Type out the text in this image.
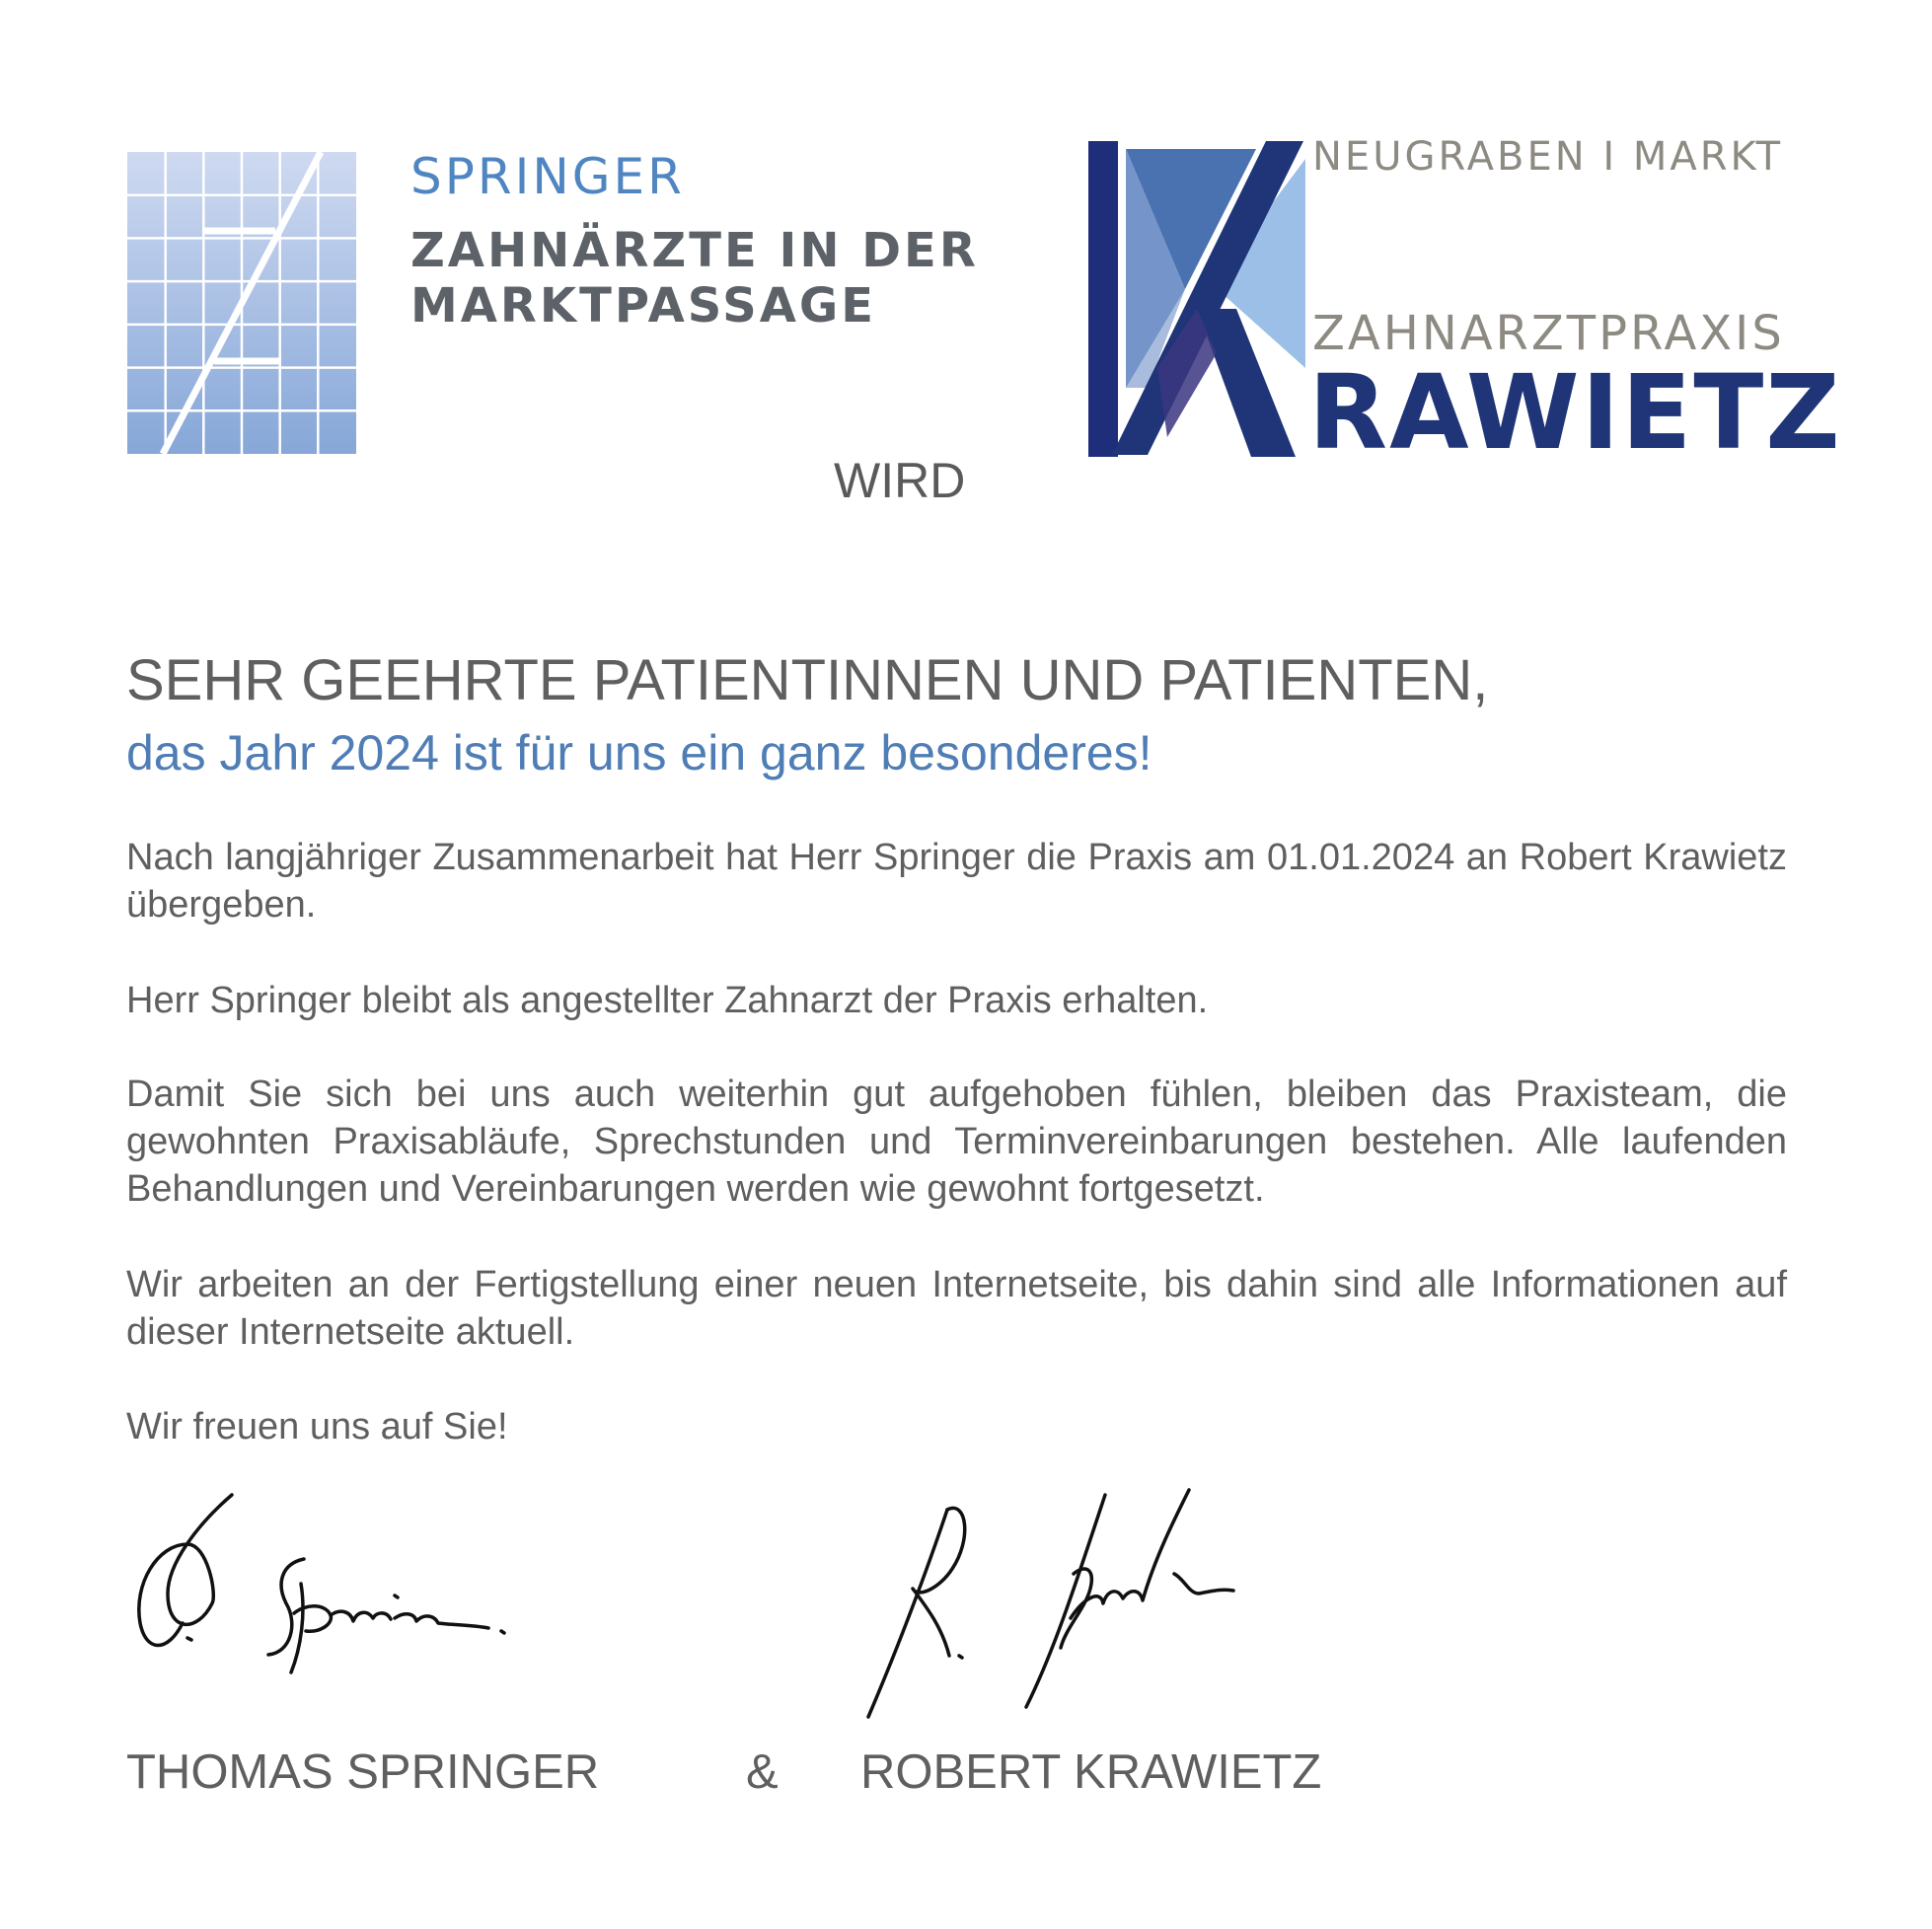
SPRINGER
ZAHNÄRZTE IN DER
MARKTPASSAGE
WIRD
NEUGRABEN I MARKT
ZAHNARZTPRAXIS
RAWIETZ
SEHR GEEHRTE PATIENTINNEN UND PATIENTEN,
das Jahr 2024 ist für uns ein ganz besonderes!
Nach langjähriger Zusammenarbeit hat Herr Springer die Praxis am 01.01.2024 an Robert Krawietz übergeben.
Herr Springer bleibt als angestellter Zahnarzt der Praxis erhalten.
Damit Sie sich bei uns auch weiterhin gut aufgehoben fühlen, bleiben das Praxisteam, die gewohnten Praxisabläufe, Sprechstunden und Terminvereinbarungen bestehen. Alle laufenden Behandlungen und Vereinbarungen werden wie gewohnt fortgesetzt.
Wir arbeiten an der Fertigstellung einer neuen Internetseite, bis dahin sind alle Informationen auf dieser Internetseite aktuell.
Wir freuen uns auf Sie!
THOMAS SPRINGER	& ROBERT KRAWIETZ
